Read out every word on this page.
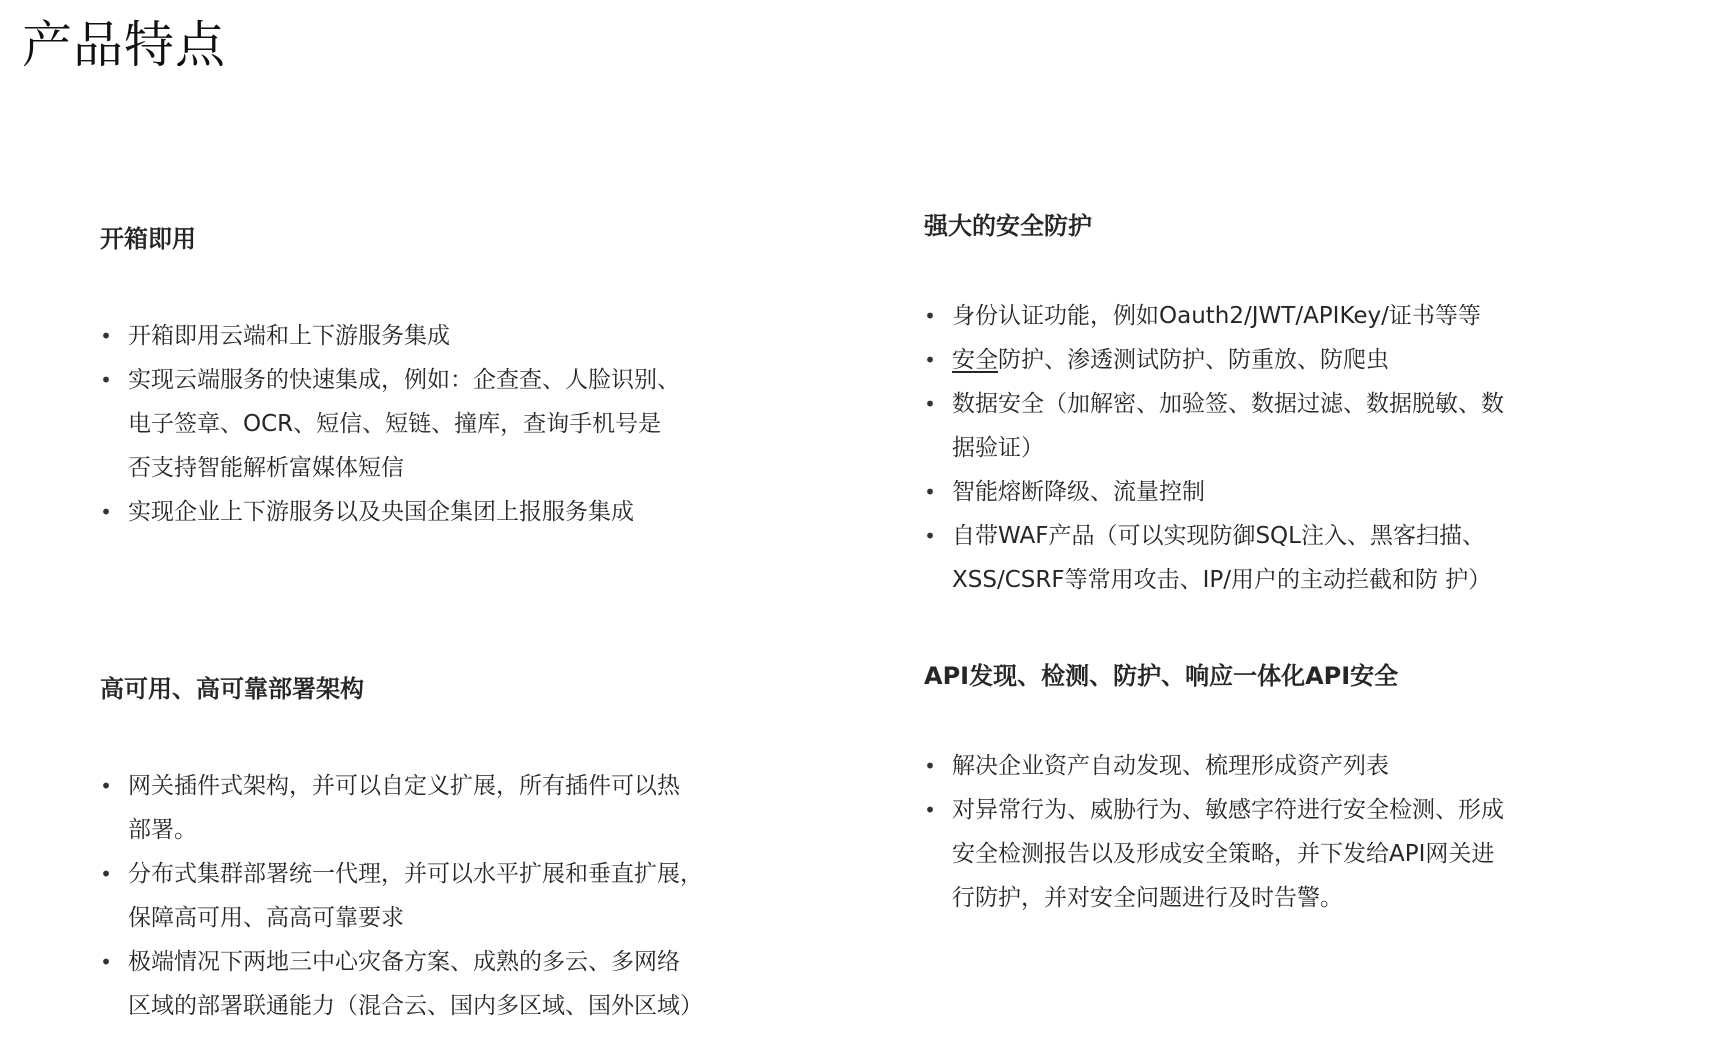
产品特点
开箱即用
• 开箱即用云端和上下游服务集成
• 实现云端服务的快速集成，例如：企查查、人脸识别、
电子签章、OCR、短信、短链、撞库，查询手机号是
否支持智能解析富媒体短信
• 实现企业上下游服务以及央国企集团上报服务集成
强大的安全防护
• 身份认证功能，例如Oauth2/JWT/APIKey/证书等等
• 安全防护、渗透测试防护、防重放、防爬虫
• 数据安全（加解密、加验签、数据过滤、数据脱敏、数
据验证）
• 智能熔断降级、流量控制
• 自带WAF产品（可以实现防御SQL注入、黑客扫描、
XSS/CSRF等常用攻击、IP/用户的主动拦截和防 护）
高可用、高可靠部署架构
• 网关插件式架构，并可以自定义扩展，所有插件可以热
部署。
• 分布式集群部署统一代理，并可以水平扩展和垂直扩展，
保障高可用、高高可靠要求
• 极端情况下两地三中心灾备方案、成熟的多云、多网络
区域的部署联通能力（混合云、国内多区域、国外区域）
API发现、检测、防护、响应一体化API安全
• 解决企业资产自动发现、梳理形成资产列表
• 对异常行为、威胁行为、敏感字符进行安全检测、形成
安全检测报告以及形成安全策略，并下发给API网关进
行防护，并对安全问题进行及时告警。
